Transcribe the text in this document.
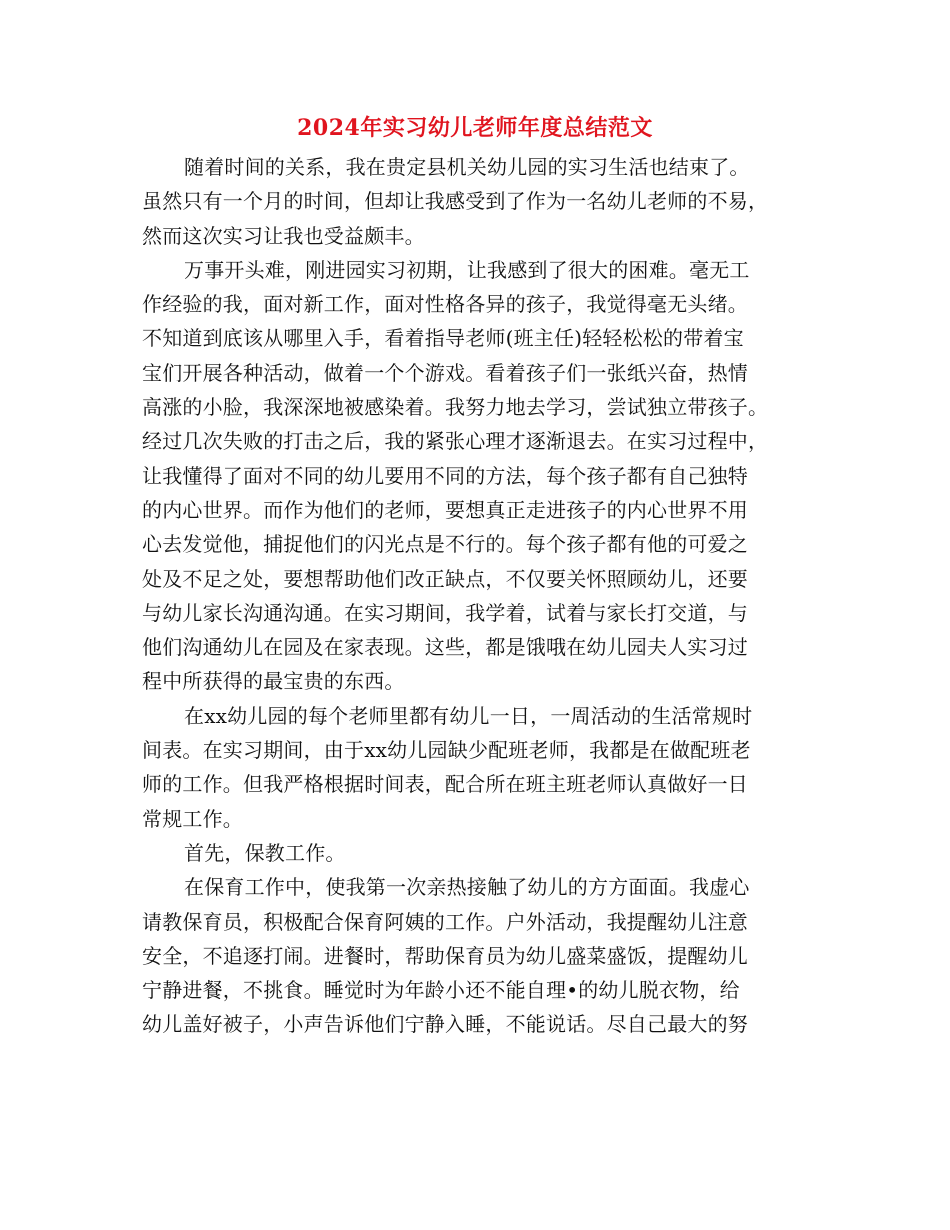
2024年实习幼儿老师年度总结范文
随着时间的关系，我在贵定县机关幼儿园的实习生活也结束了。
虽然只有一个月的时间，但却让我感受到了作为一名幼儿老师的不易，
然而这次实习让我也受益颇丰。
万事开头难，刚进园实习初期，让我感到了很大的困难。毫无工
作经验的我，面对新工作，面对性格各异的孩子，我觉得毫无头绪。
不知道到底该从哪里入手，看着指导老师(班主任)轻轻松松的带着宝
宝们开展各种活动，做着一个个游戏。看着孩子们一张纸兴奋，热情
高涨的小脸，我深深地被感染着。我努力地去学习，尝试独立带孩子。
经过几次失败的打击之后，我的紧张心理才逐渐退去。在实习过程中，
让我懂得了面对不同的幼儿要用不同的方法，每个孩子都有自己独特
的内心世界。而作为他们的老师，要想真正走进孩子的内心世界不用
心去发觉他，捕捉他们的闪光点是不行的。每个孩子都有他的可爱之
处及不足之处，要想帮助他们改正缺点，不仅要关怀照顾幼儿，还要
与幼儿家长沟通沟通。在实习期间，我学着，试着与家长打交道，与
他们沟通幼儿在园及在家表现。这些，都是饿哦在幼儿园夫人实习过
程中所获得的最宝贵的东西。
在xx幼儿园的每个老师里都有幼儿一日，一周活动的生活常规时
间表。在实习期间，由于xx幼儿园缺少配班老师，我都是在做配班老
师的工作。但我严格根据时间表，配合所在班主班老师认真做好一日
常规工作。
首先，保教工作。
在保育工作中，使我第一次亲热接触了幼儿的方方面面。我虚心
请教保育员，积极配合保育阿姨的工作。户外活动，我提醒幼儿注意
安全，不追逐打闹。进餐时，帮助保育员为幼儿盛菜盛饭，提醒幼儿
宁静进餐，不挑食。睡觉时为年龄小还不能自理•的幼儿脱衣物，给
幼儿盖好被子，小声告诉他们宁静入睡，不能说话。尽自己最大的努
